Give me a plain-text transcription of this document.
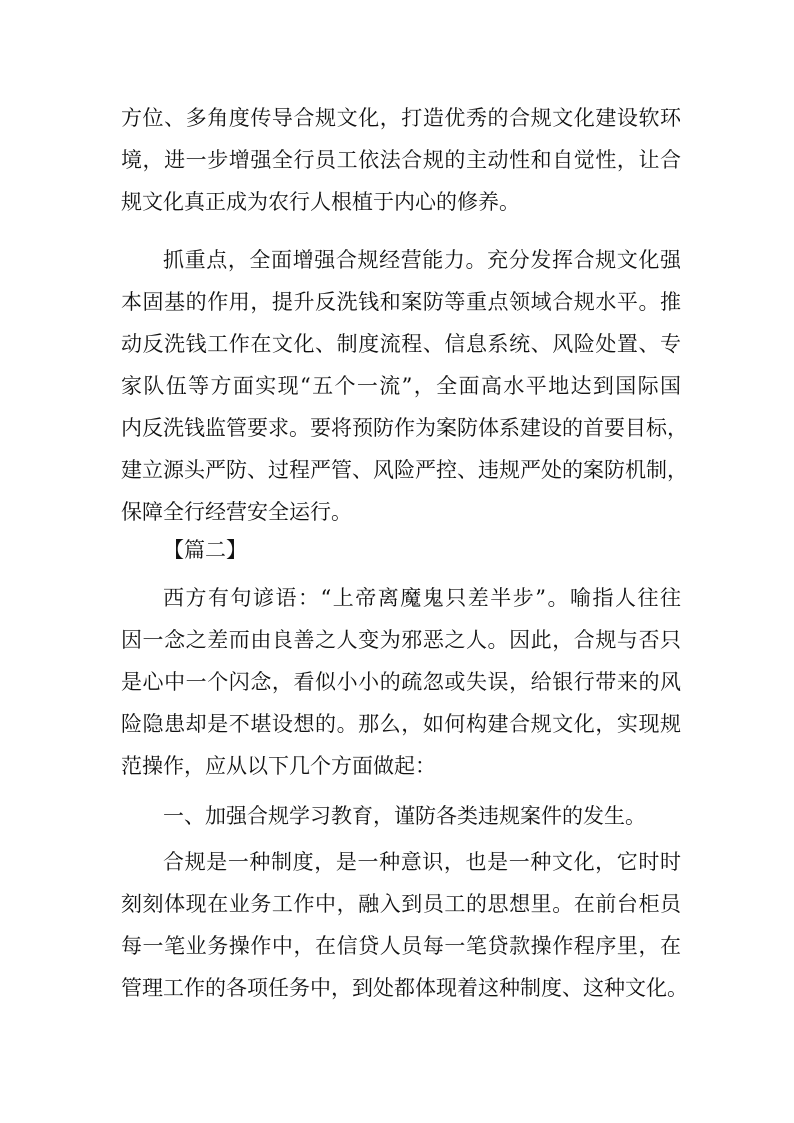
方位、多角度传导合规文化，打造优秀的合规文化建设软环
境，进一步增强全行员工依法合规的主动性和自觉性，让合
规文化真正成为农行人根植于内心的修养。
抓重点，全面增强合规经营能力。充分发挥合规文化强
本固基的作用，提升反洗钱和案防等重点领域合规水平。推
动反洗钱工作在文化、制度流程、信息系统、风险处置、专
家队伍等方面实现“五个一流”，全面高水平地达到国际国
内反洗钱监管要求。要将预防作为案防体系建设的首要目标，
建立源头严防、过程严管、风险严控、违规严处的案防机制，
保障全行经营安全运行。
【篇二】
西方有句谚语：“上帝离魔鬼只差半步”。喻指人往往
因一念之差而由良善之人变为邪恶之人。因此，合规与否只
是心中一个闪念，看似小小的疏忽或失误，给银行带来的风
险隐患却是不堪设想的。那么，如何构建合规文化，实现规
范操作，应从以下几个方面做起：
一、加强合规学习教育，谨防各类违规案件的发生。
合规是一种制度，是一种意识，也是一种文化，它时时
刻刻体现在业务工作中，融入到员工的思想里。在前台柜员
每一笔业务操作中，在信贷人员每一笔贷款操作程序里，在
管理工作的各项任务中，到处都体现着这种制度、这种文化。
